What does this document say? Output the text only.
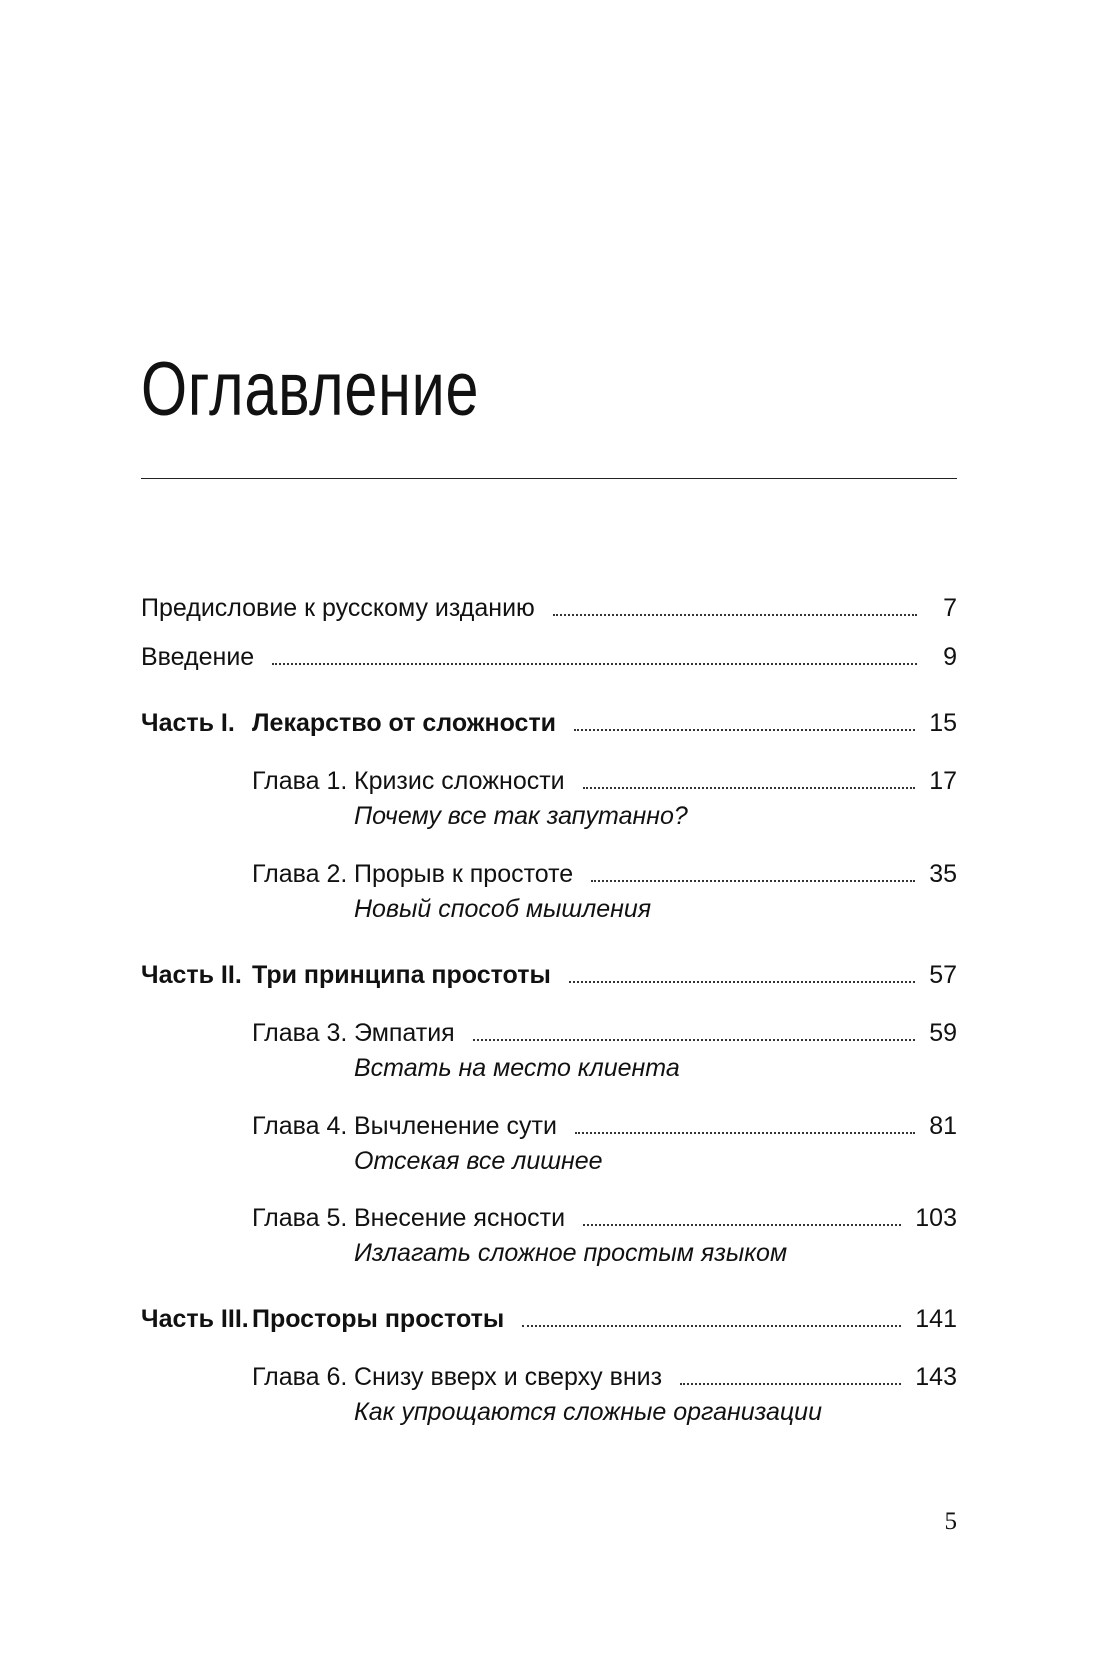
Оглавление
Предисловие к русскому изданию	7
Введение	9
Часть I. Лекарство от сложности	15
Глава 1. Кризис сложности	17
Почему все так запутанно?
Глава 2. Прорыв к простоте	35
Новый способ мышления
Часть II. Три принципа простоты	57
Глава 3. Эмпатия	59
Встать на место клиента
Глава 4. Вычленение сути	81
Отсекая все лишнее
Глава 5. Внесение ясности	103
Излагать сложное простым языком
Часть III. Просторы простоты	141
Глава 6. Снизу вверх и сверху вниз	143
Как упрощаются сложные организации
5
